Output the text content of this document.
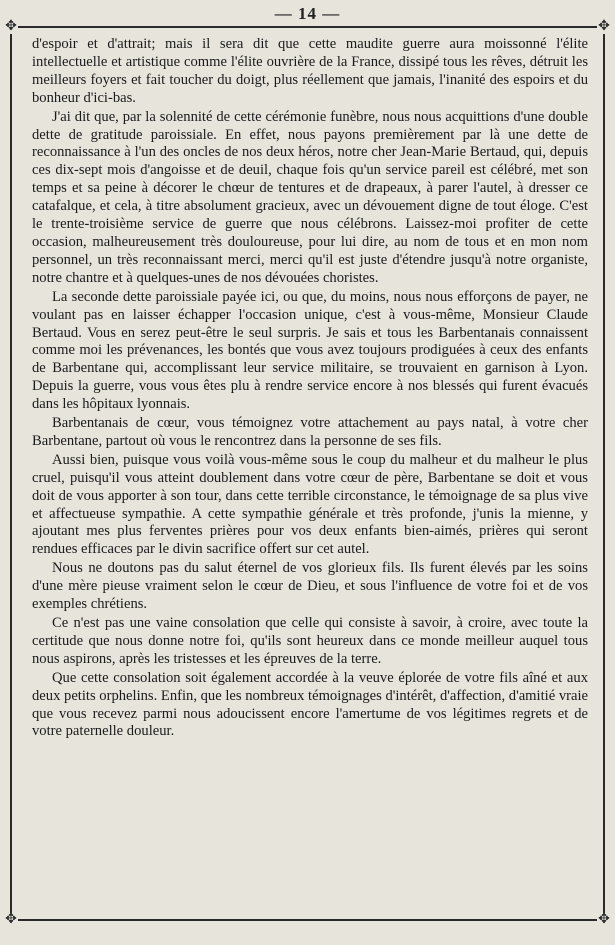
— 14 —
✥	✥
✥	✥

d'espoir et d'attrait; mais il sera dit que cette maudite guerre aura moissonné l'élite intellectuelle et artistique comme l'élite ouvrière de la France, dissipé tous les rêves, détruit les meilleurs foyers et fait toucher du doigt, plus réellement que jamais, l'inanité des espoirs et du bonheur d'ici-bas.

J'ai dit que, par la solennité de cette cérémonie funèbre, nous nous acquittions d'une double dette de gratitude paroissiale. En effet, nous payons premièrement par là une dette de reconnaissance à l'un des oncles de nos deux héros, notre cher Jean-Marie Bertaud, qui, depuis ces dix-sept mois d'angoisse et de deuil, chaque fois qu'un service pareil est célébré, met son temps et sa peine à décorer le chœur de tentures et de drapeaux, à parer l'autel, à dresser ce catafalque, et cela, à titre absolument gracieux, avec un dévouement digne de tout éloge. C'est le trente-troisième service de guerre que nous célébrons. Laissez-moi profiter de cette occasion, malheureusement très douloureuse, pour lui dire, au nom de tous et en mon nom personnel, un très reconnaissant merci, merci qu'il est juste d'étendre jusqu'à notre organiste, notre chantre et à quelques-unes de nos dévouées choristes.

La seconde dette paroissiale payée ici, ou que, du moins, nous nous efforçons de payer, ne voulant pas en laisser échapper l'occasion unique, c'est à vous-même, Monsieur Claude Bertaud. Vous en serez peut-être le seul surpris. Je sais et tous les Barbentanais connaissent comme moi les prévenances, les bontés que vous avez toujours prodiguées à ceux des enfants de Barbentane qui, accomplissant leur service militaire, se trouvaient en garnison à Lyon. Depuis la guerre, vous vous êtes plu à rendre service encore à nos blessés qui furent évacués dans les hôpitaux lyonnais.

Barbentanais de cœur, vous témoignez votre attachement au pays natal, à votre cher Barbentane, partout où vous le rencontrez dans la personne de ses fils.

Aussi bien, puisque vous voilà vous-même sous le coup du malheur et du malheur le plus cruel, puisqu'il vous atteint doublement dans votre cœur de père, Barbentane se doit et vous doit de vous apporter à son tour, dans cette terrible circonstance, le témoignage de sa plus vive et affectueuse sympathie. A cette sympathie générale et très profonde, j'unis la mienne, y ajoutant mes plus ferventes prières pour vos deux enfants bien-aimés, prières qui seront rendues efficaces par le divin sacrifice offert sur cet autel.

Nous ne doutons pas du salut éternel de vos glorieux fils. Ils furent élevés par les soins d'une mère pieuse vraiment selon le cœur de Dieu, et sous l'influence de votre foi et de vos exemples chrétiens.

Ce n'est pas une vaine consolation que celle qui consiste à savoir, à croire, avec toute la certitude que nous donne notre foi, qu'ils sont heureux dans ce monde meilleur auquel tous nous aspirons, après les tristesses et les épreuves de la terre.

Que cette consolation soit également accordée à la veuve éplorée de votre fils aîné et aux deux petits orphelins. Enfin, que les nombreux témoignages d'intérêt, d'affection, d'amitié vraie que vous recevez parmi nous adoucissent encore l'amertume de vos légitimes regrets et de votre paternelle douleur.
